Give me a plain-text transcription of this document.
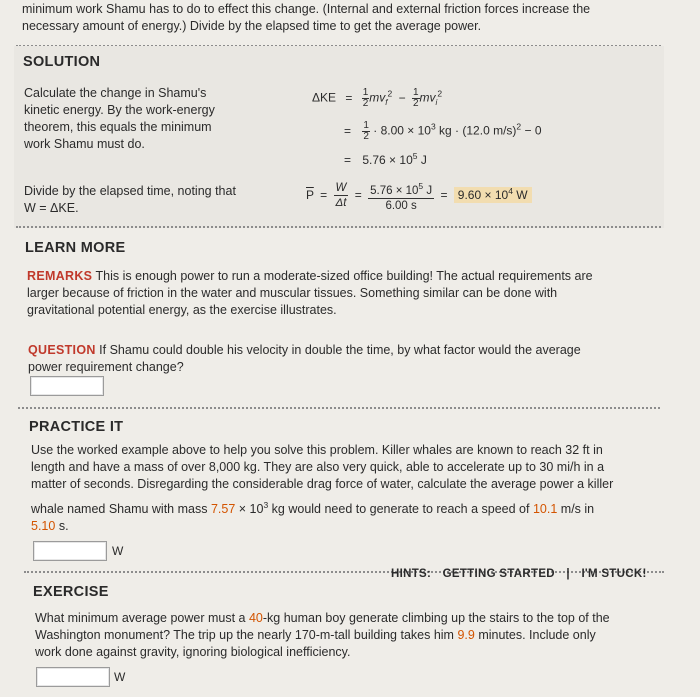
minimum work Shamu has to do to effect this change. (Internal and external friction forces increase the
necessary amount of energy.) Divide by the elapsed time to get the average power.
SOLUTION
Calculate the change in Shamu's
kinetic energy. By the work-energy
theorem, this equals the minimum
work Shamu must do.
$\Delta KE = \frac{1}{2} mv_f^2 - \frac{1}{2} mv_i^2$
= $\frac{1}{2} \cdot 8.00 \times 10^3$ kg · (12.0 m/s)$^2$ − 0
= $5.76 \times 10^5$ J
Divide by the elapsed time, noting that
W = ΔKE.
$\overline{P} = \frac{W}{\Delta t} = \frac{5.76 \times 10^5 J}{6.00 s} = 9.60 \times 10^4$ W
LEARN MORE
REMARKS This is enough power to run a moderate-sized office building! The actual requirements are
larger because of friction in the water and muscular tissues. Something similar can be done with
gravitational potential energy, as the exercise illustrates.
QUESTION If Shamu could double his velocity in double the time, by what factor would the average
power requirement change?
PRACTICE IT
Use the worked example above to help you solve this problem. Killer whales are known to reach 32 ft in
length and have a mass of over 8,000 kg. They are also very quick, able to accelerate up to 30 mi/h in a
matter of seconds. Disregarding the considerable drag force of water, calculate the average power a killer
whale named Shamu with mass $7.57 \times 10^3$ kg would need to generate to reach a speed of 10.1 m/s in
5.10 s.
W
HINTS: GETTING STARTED | I'M STUCK!
EXERCISE
What minimum average power must a 40-kg human boy generate climbing up the stairs to the top of the
Washington monument? The trip up the nearly 170-m-tall building takes him 9.9 minutes. Include only
work done against gravity, ignoring biological inefficiency.
W
